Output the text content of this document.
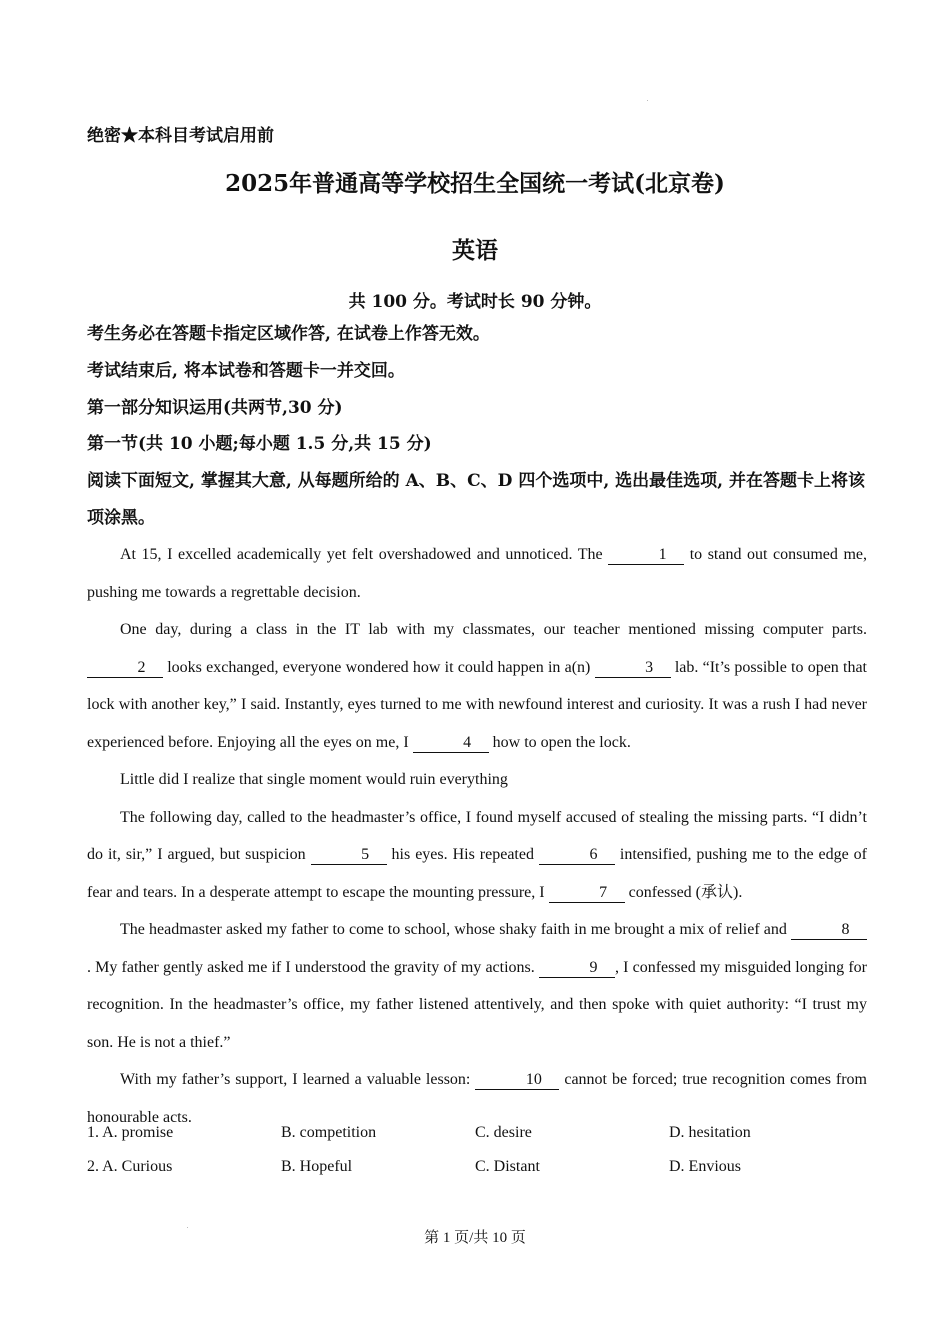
绝密★本科目考试启用前
2025年普通高等学校招生全国统一考试(北京卷)
英语
共 100 分。考试时长 90 分钟。
考生务必在答题卡指定区域作答, 在试卷上作答无效。
考试结束后, 将本试卷和答题卡一并交回。
第一部分知识运用(共两节,30 分)
第一节(共 10 小题;每小题 1.5 分,共 15 分)
阅读下面短文, 掌握其大意, 从每题所给的 A、B、C、D 四个选项中, 选出最佳选项, 并在答题卡上将该项涂黑。

At 15, I excelled academically yet felt overshadowed and unnoticed. The	1 to stand out consumed me, pushing me towards a regrettable decision.

One day, during a class in the IT lab with my classmates, our teacher mentioned missing computer parts. 2 looks exchanged, everyone wondered how it could happen in a(n)	3 lab. “It’s possible to open that lock with another key,” I said. Instantly, eyes turned to me with newfound interest and curiosity. It was a rush I had never experienced before. Enjoying all the eyes on me, I	4 how to open the lock.

Little did I realize that single moment would ruin everything

The following day, called to the headmaster’s office, I found myself accused of stealing the missing parts. “I didn’t do it, sir,” I argued, but suspicion	5 his eyes. His repeated	6 intensified, pushing me to the edge of fear and tears. In a desperate attempt to escape the mounting pressure, I	7 confessed (承认).

The headmaster asked my father to come to school, whose shaky faith in me brought a mix of relief and	8. My father gently asked me if I understood the gravity of my actions.	9 , I confessed my misguided longing for recognition. In the headmaster’s office, my father listened attentively, and then spoke with quiet authority: “I trust my son. He is not a thief.”

With my father’s support, I learned a valuable lesson:	10 cannot be forced; true recognition comes from honourable acts.

1. A. promise	B. competition	C. desire	D. hesitation
2. A. Curious	B. Hopeful	C. Distant	D. Envious
第 1 页/共 10 页
